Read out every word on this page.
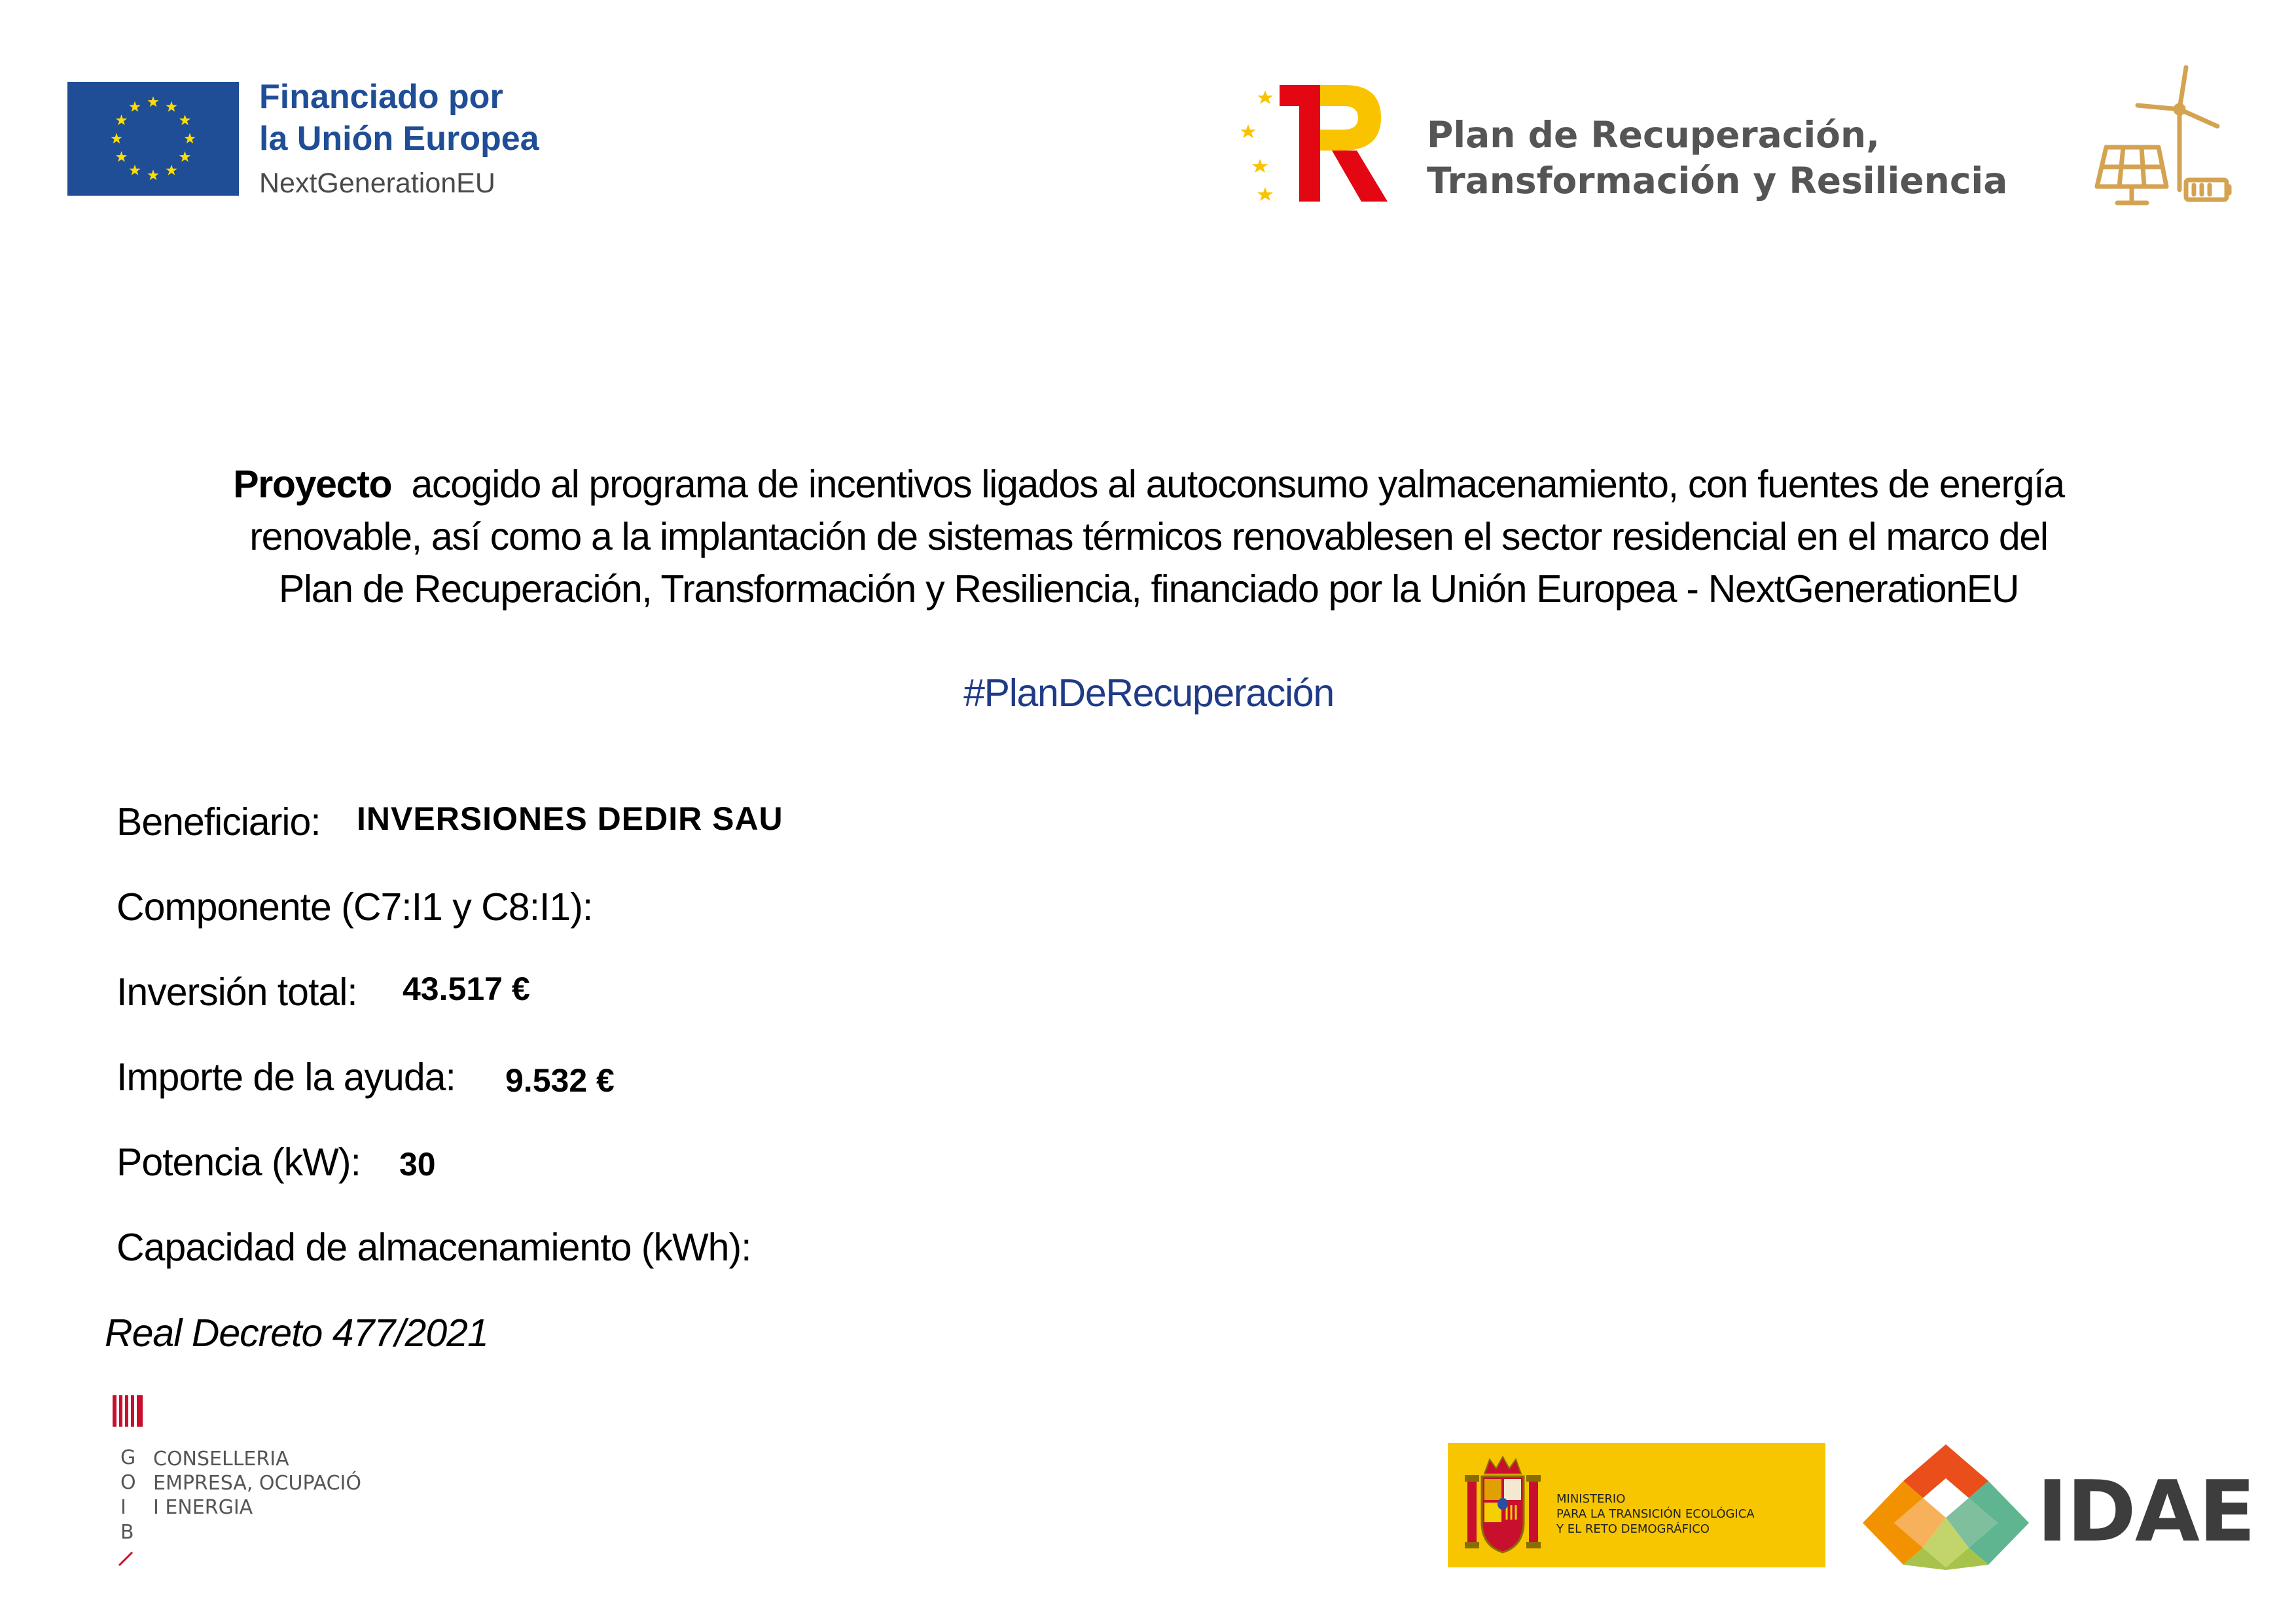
Financiado por
la Unión Europea
NextGenerationEU
Plan de Recuperación,
Transformación y Resiliencia
Proyecto  acogido al programa de incentivos ligados al autoconsumo yalmacenamiento, con fuentes de energía
renovable, así como a la implantación de sistemas térmicos renovablesen el sector residencial en el marco del
Plan de Recuperación, Transformación y Resiliencia, financiado por la Unión Europea - NextGenerationEU
#PlanDeRecuperación
Beneficiario: INVERSIONES DEDIR SAU
Componente (C7:I1 y C8:I1):
Inversión total: 43.517 €
Importe de la ayuda: 9.532 €
Potencia (kW): 30
Capacidad de almacenamiento (kWh):
Real Decreto 477/2021
G
O
I
B
CONSELLERIA
EMPRESA, OCUPACIÓ
I ENERGIA	MINISTERIO
PARA LA TRANSICIÓN ECOLÓGICA
Y EL RETO DEMOGRÁFICO	IDAE
